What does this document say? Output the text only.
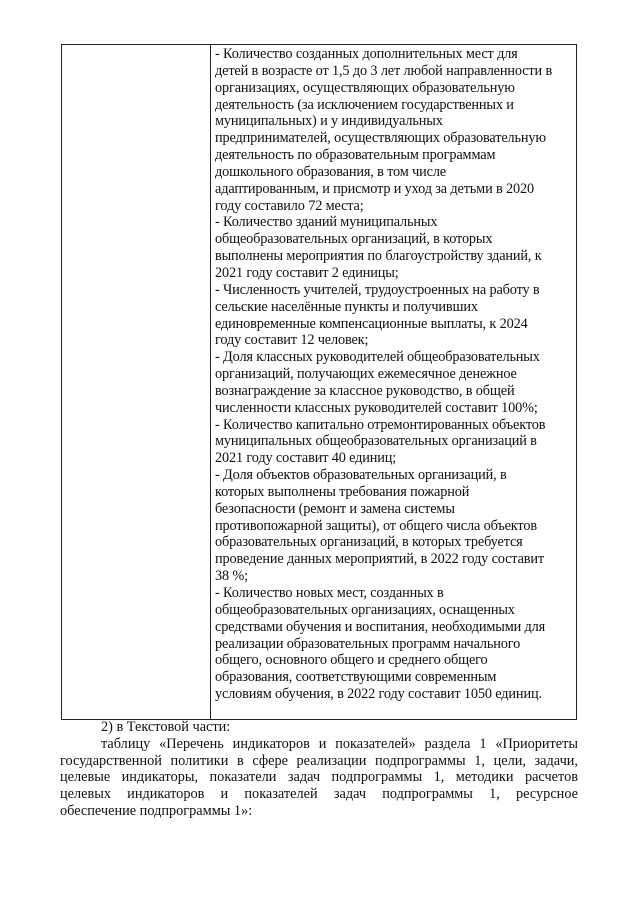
- Количество созданных дополнительных мест для
детей в возрасте от 1,5 до 3 лет любой направленности в
организациях, осуществляющих образовательную
деятельность (за исключением государственных и
муниципальных) и у индивидуальных
предпринимателей, осуществляющих образовательную
деятельность по образовательным программам
дошкольного образования, в том числе
адаптированным, и присмотр и уход за детьми в 2020
году составило 72 места;
- Количество зданий муниципальных
общеобразовательных организаций, в которых
выполнены мероприятия по благоустройству зданий, к
2021 году составит 2 единицы;
- Численность учителей, трудоустроенных на работу в
сельские населённые пункты и получивших
единовременные компенсационные выплаты, к 2024
году составит 12 человек;
- Доля классных руководителей общеобразовательных
организаций, получающих ежемесячное денежное
вознаграждение за классное руководство, в общей
численности классных руководителей составит 100%;
- Количество капитально отремонтированных объектов
муниципальных общеобразовательных организаций в
2021 году составит 40 единиц;
- Доля объектов образовательных организаций, в
которых выполнены требования пожарной
безопасности (ремонт и замена системы
противопожарной защиты), от общего числа объектов
образовательных организаций, в которых требуется
проведение данных мероприятий, в 2022 году составит
38 %;
- Количество новых мест, созданных в
общеобразовательных организациях, оснащенных
средствами обучения и воспитания, необходимыми для
реализации образовательных программ начального
общего, основного общего и среднего общего
образования, соответствующими современным
условиям обучения, в 2022 году составит 1050 единиц.
2) в Текстовой части:
таблицу «Перечень индикаторов и показателей» раздела 1 «Приоритеты
государственной политики в сфере реализации подпрограммы 1, цели, задачи,
целевые индикаторы, показатели задач подпрограммы 1, методики расчетов
целевых индикаторов и показателей задач подпрограммы 1, ресурсное
обеспечение подпрограммы 1»:
